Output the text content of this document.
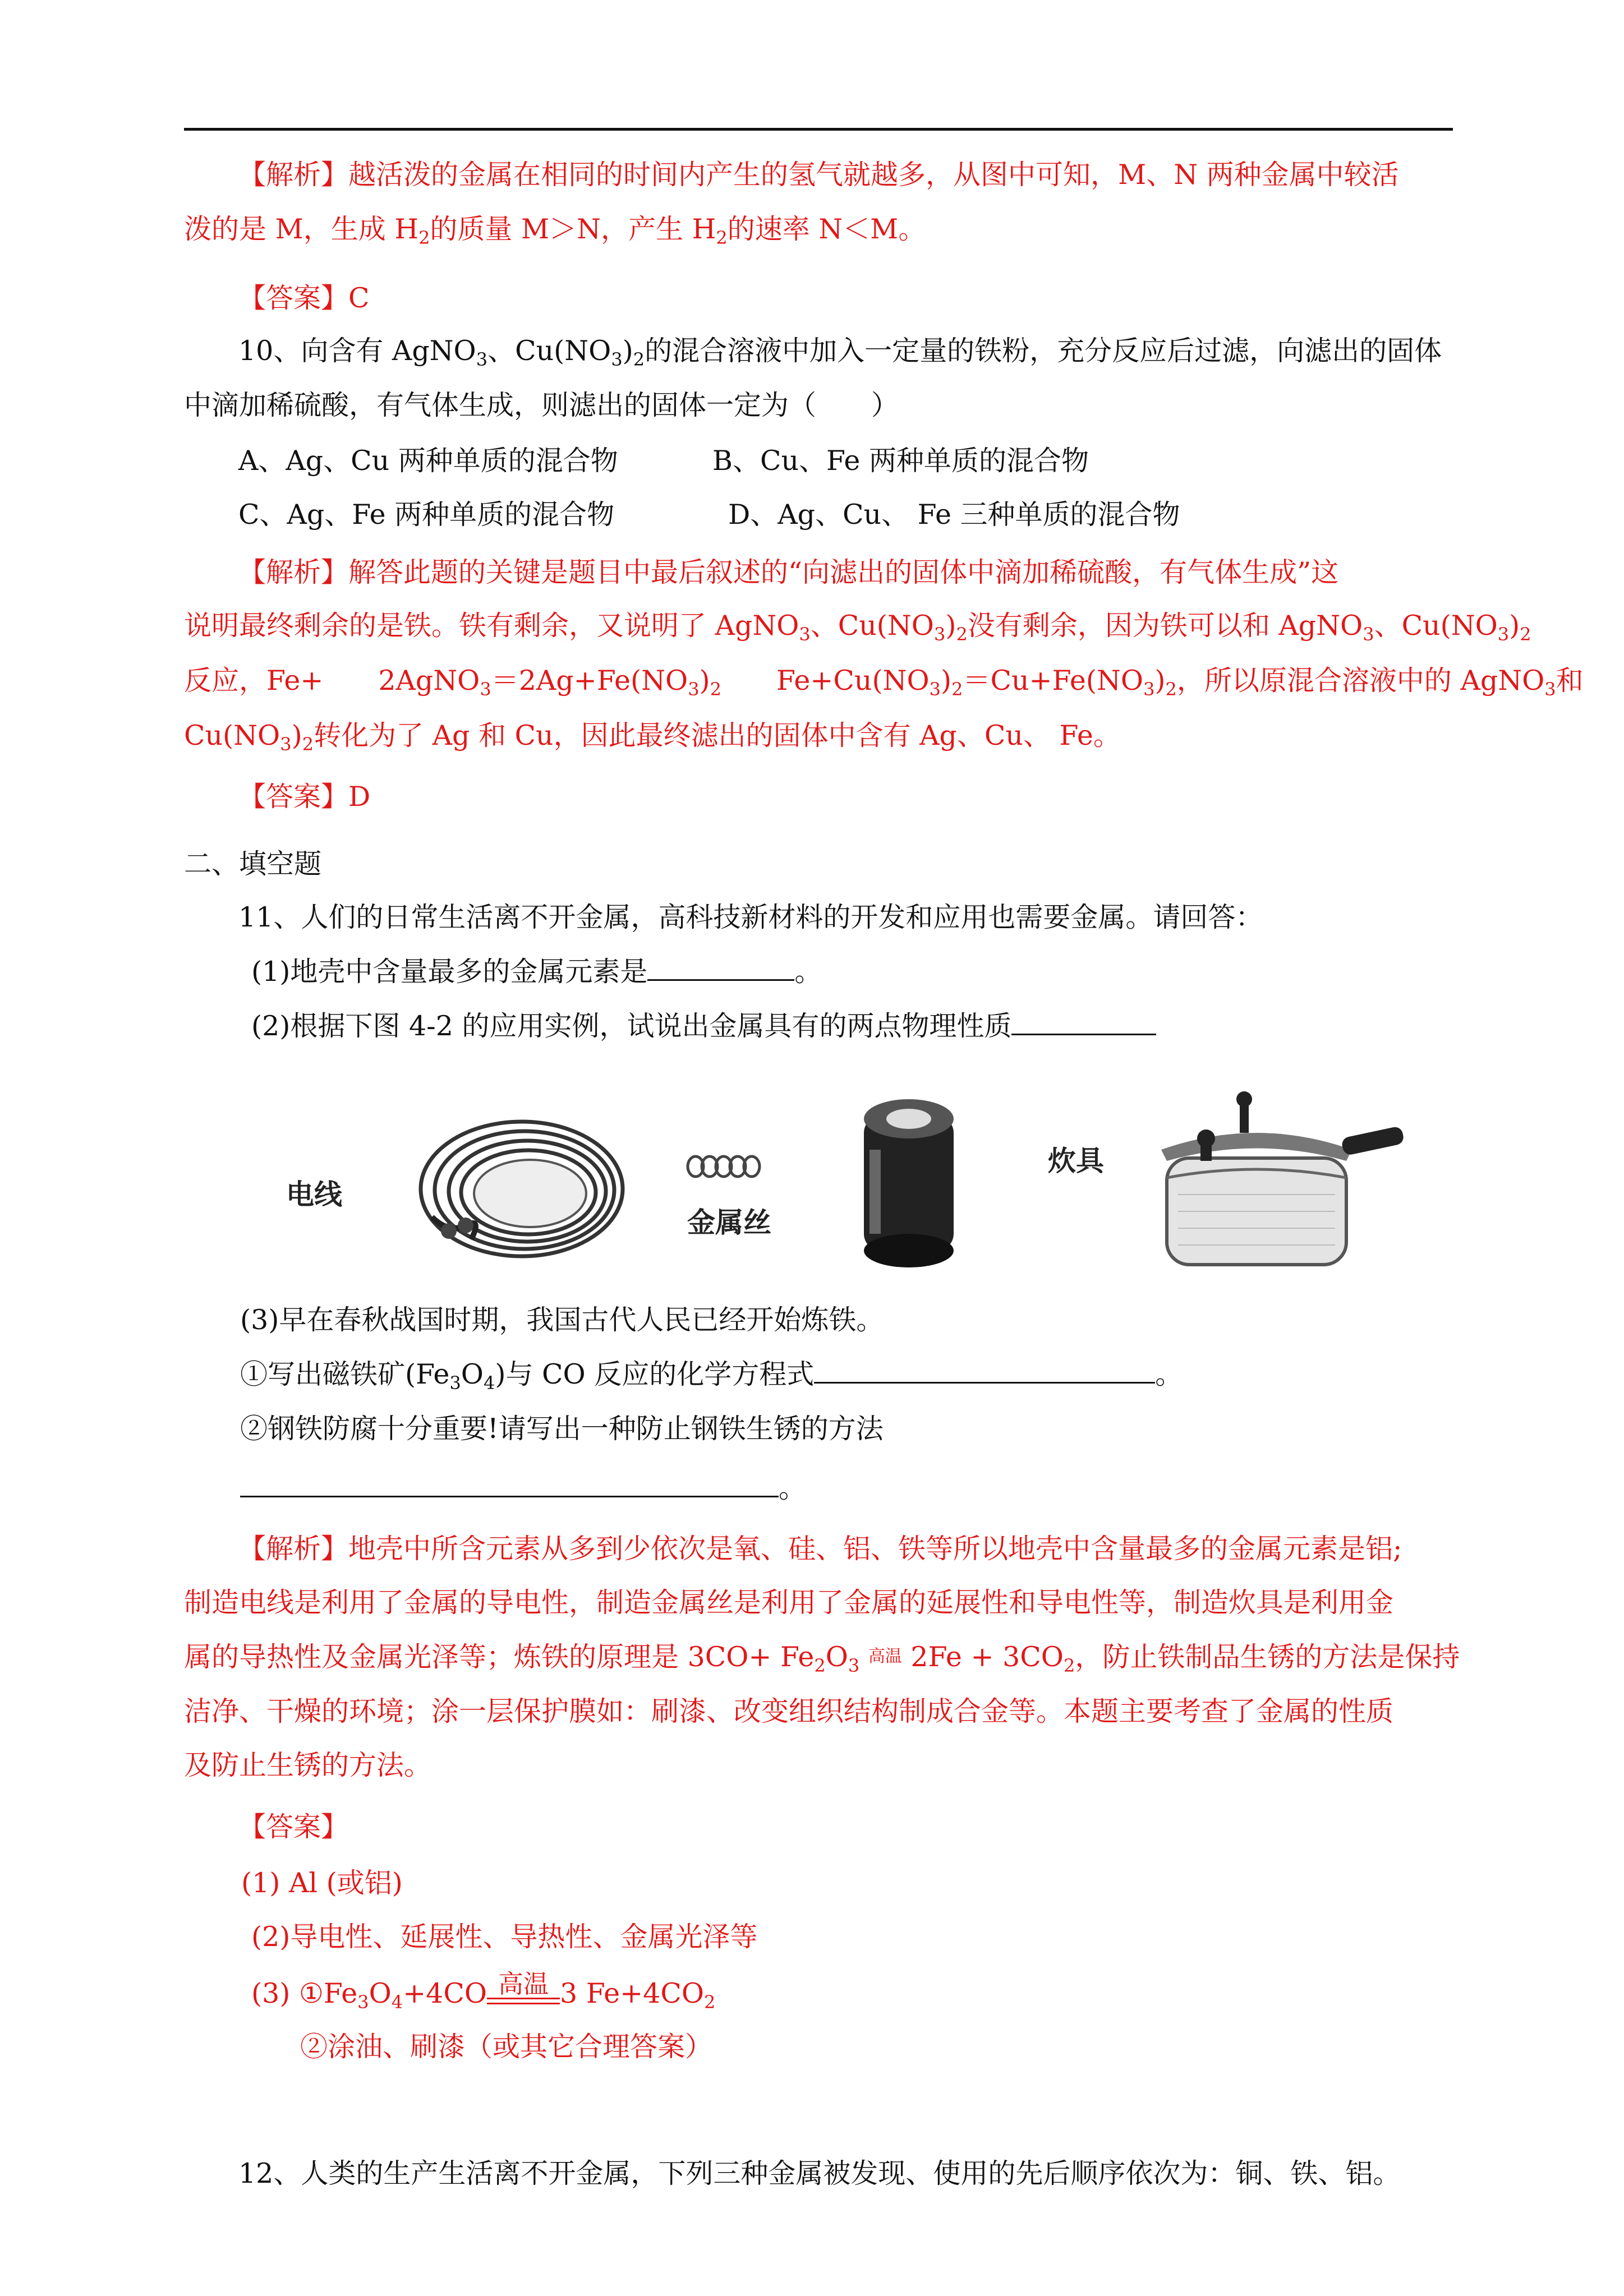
【解析】越活泼的金属在相同的时间内产生的氢气就越多，从图中可知，M、N 两种金属中较活
泼的是 M，生成 $H_2$的质量 M＞N，产生 $H_2$的速率 N＜M。
【答案】C
10、向含有 AgNO$_3$、$Cu(NO_3)_2$的混合溶液中加入一定量的铁粉，充分反应后过滤，向滤出的固体
中滴加稀硫酸，有气体生成，则滤出的固体一定为（　　）
A、Ag、Cu 两种单质的混合物	B、Cu、Fe 两种单质的混合物
C、Ag、Fe 两种单质的混合物	D、Ag、Cu、 Fe 三种单质的混合物
【解析】解答此题的关键是题目中最后叙述的“向滤出的固体中滴加稀硫酸，有气体生成”这
说明最终剩余的是铁。铁有剩余，又说明了 AgNO$_3$、$Cu(NO_3)_2$没有剩余，因为铁可以和 AgNO$_3$、$Cu(NO_3)_2$
反应，Fe+　　$2AgNO_3=2Ag+Fe(NO_3)_2$　　$Fe+Cu(NO_3)_2=Cu+Fe(NO_3)_2$，所以原混合溶液中的 AgNO$_3$和
$Cu(NO_3)_2$转化为了 Ag 和 Cu，因此最终滤出的固体中含有 Ag、Cu、 Fe。
【答案】D
二、填空题
11、人们的日常生活离不开金属，高科技新材料的开发和应用也需要金属。请回答：
(1)地壳中含量最多的金属元素是	。
(2)根据下图 4-2 的应用实例，试说出金属具有的两点物理性质
电线
金属丝
炊具
(3)早在春秋战国时期，我国古代人民已经开始炼铁。
①写出磁铁矿$(Fe_3O_4)$与 CO 反应的化学方程式	。
②钢铁防腐十分重要!请写出一种防止钢铁生锈的方法
。
【解析】地壳中所含元素从多到少依次是氧、硅、铝、铁等所以地壳中含量最多的金属元素是铝;
制造电线是利用了金属的导电性，制造金属丝是利用了金属的延展性和导电性等，制造炊具是利用金
属的导热性及金属光泽等；炼铁的原理是 $3CO+ Fe_2O_3$ 高温 $2Fe + 3CO_2$，防止铁制品生锈的方法是保持
洁净、干燥的环境；涂一层保护膜如：刷漆、改变组织结构制成合金等。本题主要考查了金属的性质
及防止生锈的方法。
【答案】
(1) Al (或铝)
(2)导电性、延展性、导热性、金属光泽等
(3) $①Fe_3O_4+4CO$ 高温 3 $Fe+4CO_2$
②涂油、刷漆（或其它合理答案）
12、人类的生产生活离不开金属，下列三种金属被发现、使用的先后顺序依次为：铜、铁、铝。
